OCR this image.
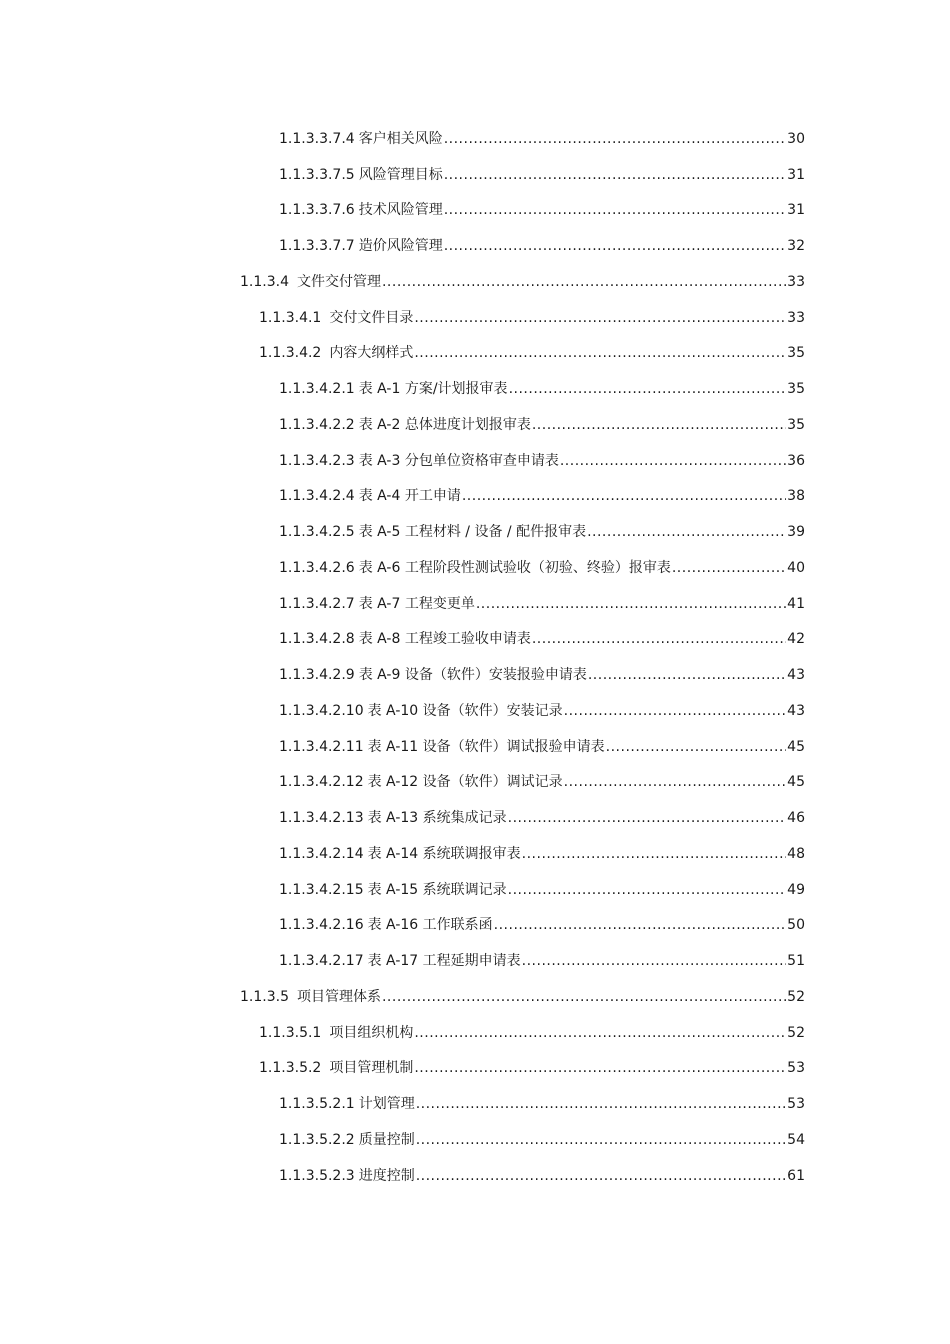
1.1.3.3.7.4 客户相关风险 .....	30
1.1.3.3.7.5 风险管理目标 .....	31
1.1.3.3.7.6 技术风险管理 .....	31
1.1.3.3.7.7 造价风险管理 .....	32
1.1.3.4 文件交付管理 .....	33
1.1.3.4.1 交付文件目录 .....	33
1.1.3.4.2 内容大纲样式 .....	35
1.1.3.4.2.1 表 A-1 方案/计划报审表 .....	35
1.1.3.4.2.2 表 A-2 总体进度计划报审表 .....	35
1.1.3.4.2.3 表 A-3 分包单位资格审查申请表 .....	36
1.1.3.4.2.4 表 A-4 开工申请 .....	38
1.1.3.4.2.5 表 A-5 工程材料 / 设备 / 配件报审表 .....	39
1.1.3.4.2.6 表 A-6 工程阶段性测试验收（初验、终验）报审表 .....	40
1.1.3.4.2.7 表 A-7 工程变更单 .....	41
1.1.3.4.2.8 表 A-8 工程竣工验收申请表 .....	42
1.1.3.4.2.9 表 A-9 设备（软件）安装报验申请表 .....	43
1.1.3.4.2.10 表 A-10 设备（软件）安装记录 .....	43
1.1.3.4.2.11 表 A-11 设备（软件）调试报验申请表 .....	45
1.1.3.4.2.12 表 A-12 设备（软件）调试记录 .....	45
1.1.3.4.2.13 表 A-13 系统集成记录 .....	46
1.1.3.4.2.14 表 A-14 系统联调报审表 .....	48
1.1.3.4.2.15 表 A-15 系统联调记录 .....	49
1.1.3.4.2.16 表 A-16 工作联系函 .....	50
1.1.3.4.2.17 表 A-17 工程延期申请表 .....	51
1.1.3.5 项目管理体系 .....	52
1.1.3.5.1 项目组织机构 .....	52
1.1.3.5.2 项目管理机制 .....	53
1.1.3.5.2.1 计划管理 .....	53
1.1.3.5.2.2 质量控制 .....	54
1.1.3.5.2.3 进度控制 .....	61
